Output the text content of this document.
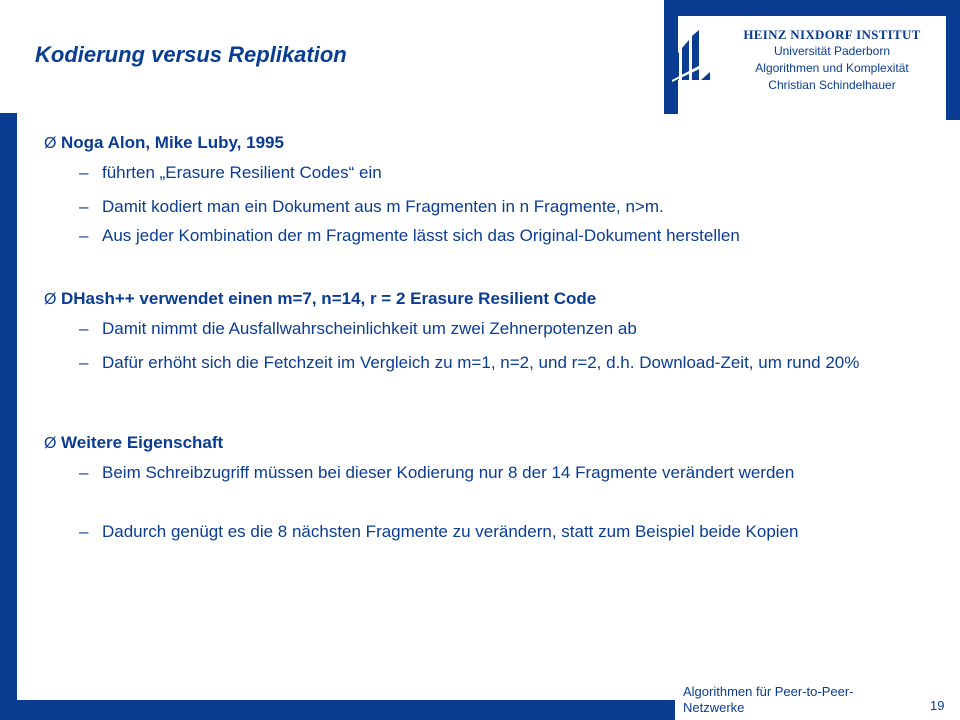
Kodierung versus Replikation
HEINZ NIXDORF INSTITUT
Universität Paderborn
Algorithmen und Komplexität
Christian Schindelhauer
Ø Noga Alon, Mike Luby, 1995
– führten „Erasure Resilient Codes“ ein
– Damit kodiert man ein Dokument aus m Fragmenten in n Fragmente, n>m.
– Aus jeder Kombination der m Fragmente lässt sich das Original-Dokument herstellen
Ø DHash++ verwendet einen m=7, n=14, r = 2 Erasure Resilient Code
– Damit nimmt die Ausfallwahrscheinlichkeit um zwei Zehnerpotenzen ab
– Dafür erhöht sich die Fetchzeit im Vergleich zu m=1, n=2, und r=2, d.h. Download-Zeit, um rund 20%
Ø Weitere Eigenschaft
– Beim Schreibzugriff müssen bei dieser Kodierung nur 8 der 14 Fragmente verändert werden
– Dadurch genügt es die 8 nächsten Fragmente zu verändern, statt zum Beispiel beide Kopien
Algorithmen für Peer-to-Peer-Netzwerke	19
